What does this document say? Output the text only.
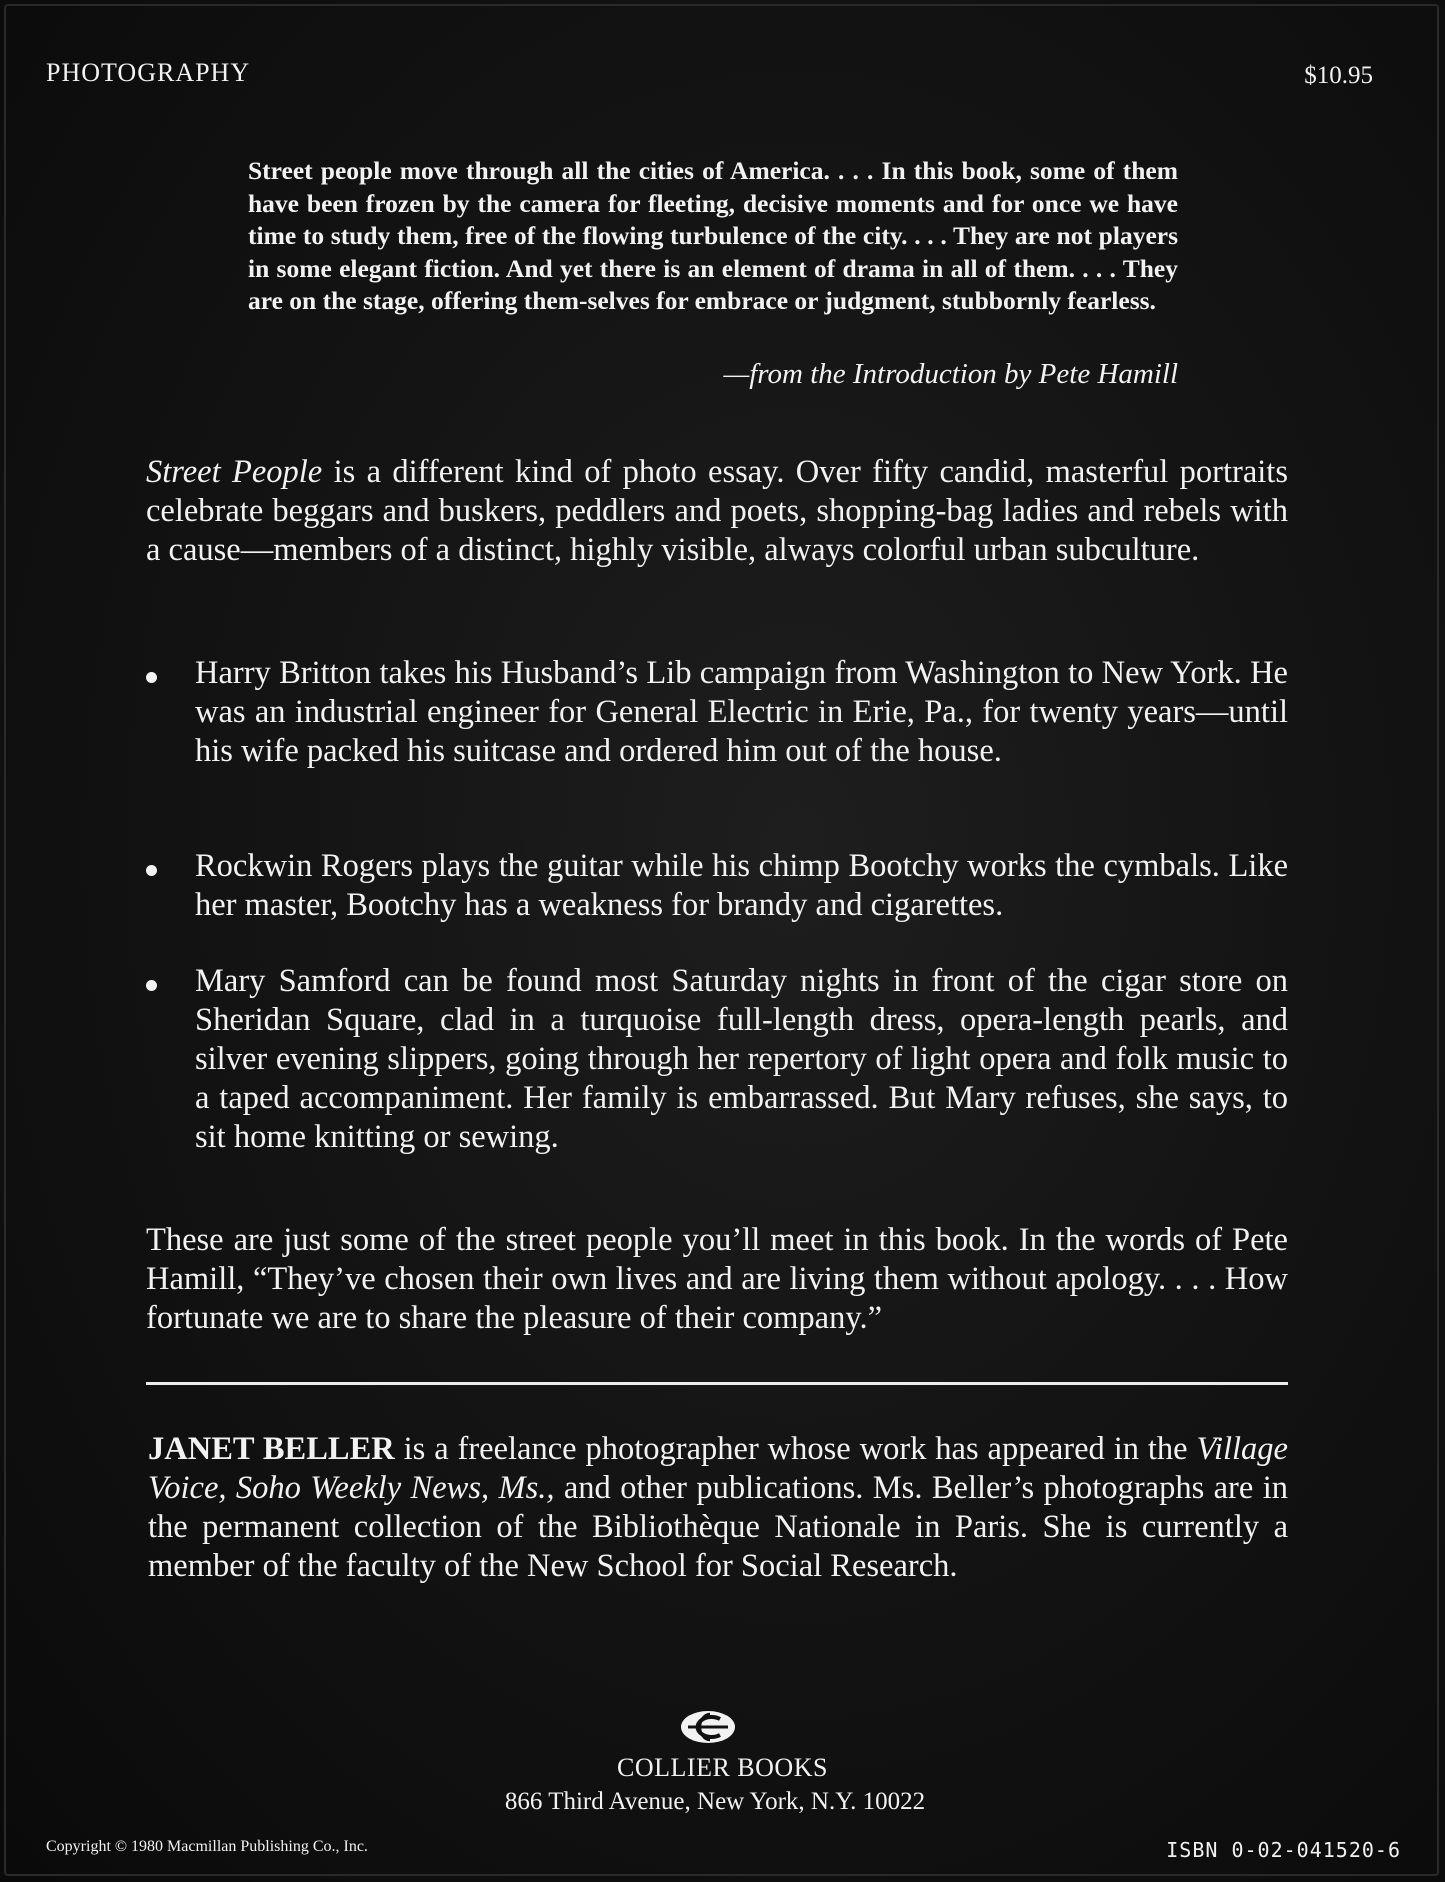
PHOTOGRAPHY	$10.95
Street people move through all the cities of America. . . . In this book, some of them have been frozen by the camera for fleeting, decisive moments and for once we have time to study them, free of the flowing turbulence of the city. . . . They are not players in some elegant fiction. And yet there is an element of drama in all of them. . . . They are on the stage, offering them-selves for embrace or judgment, stubbornly fearless.
—from the Introduction by Pete Hamill
Street People is a different kind of photo essay. Over fifty candid, masterful portraits celebrate beggars and buskers, peddlers and poets, shopping-bag ladies and rebels with a cause—members of a distinct, highly visible, always colorful urban subculture.
Harry Britton takes his Husband’s Lib campaign from Washington to New York. He was an industrial engineer for General Electric in Erie, Pa., for twenty years—until his wife packed his suitcase and ordered him out of the house.
Rockwin Rogers plays the guitar while his chimp Bootchy works the cymbals. Like her master, Bootchy has a weakness for brandy and cigarettes.
Mary Samford can be found most Saturday nights in front of the cigar store on Sheridan Square, clad in a turquoise full-length dress, opera-length pearls, and silver evening slippers, going through her repertory of light opera and folk music to a taped accompaniment. Her family is embarrassed. But Mary refuses, she says, to sit home knitting or sewing.
These are just some of the street people you’ll meet in this book. In the words of Pete Hamill, “They’ve chosen their own lives and are living them without apology. . . . How fortunate we are to share the pleasure of their company.”
JANET BELLER is a freelance photographer whose work has appeared in the Village Voice, Soho Weekly News, Ms., and other publications. Ms. Beller’s photographs are in the permanent collection of the Bibliothèque Nationale in Paris. She is currently a member of the faculty of the New School for Social Research.
COLLIER BOOKS
866 Third Avenue, New York, N.Y. 10022
Copyright © 1980 Macmillan Publishing Co., Inc.	ISBN 0-02-041520-6
